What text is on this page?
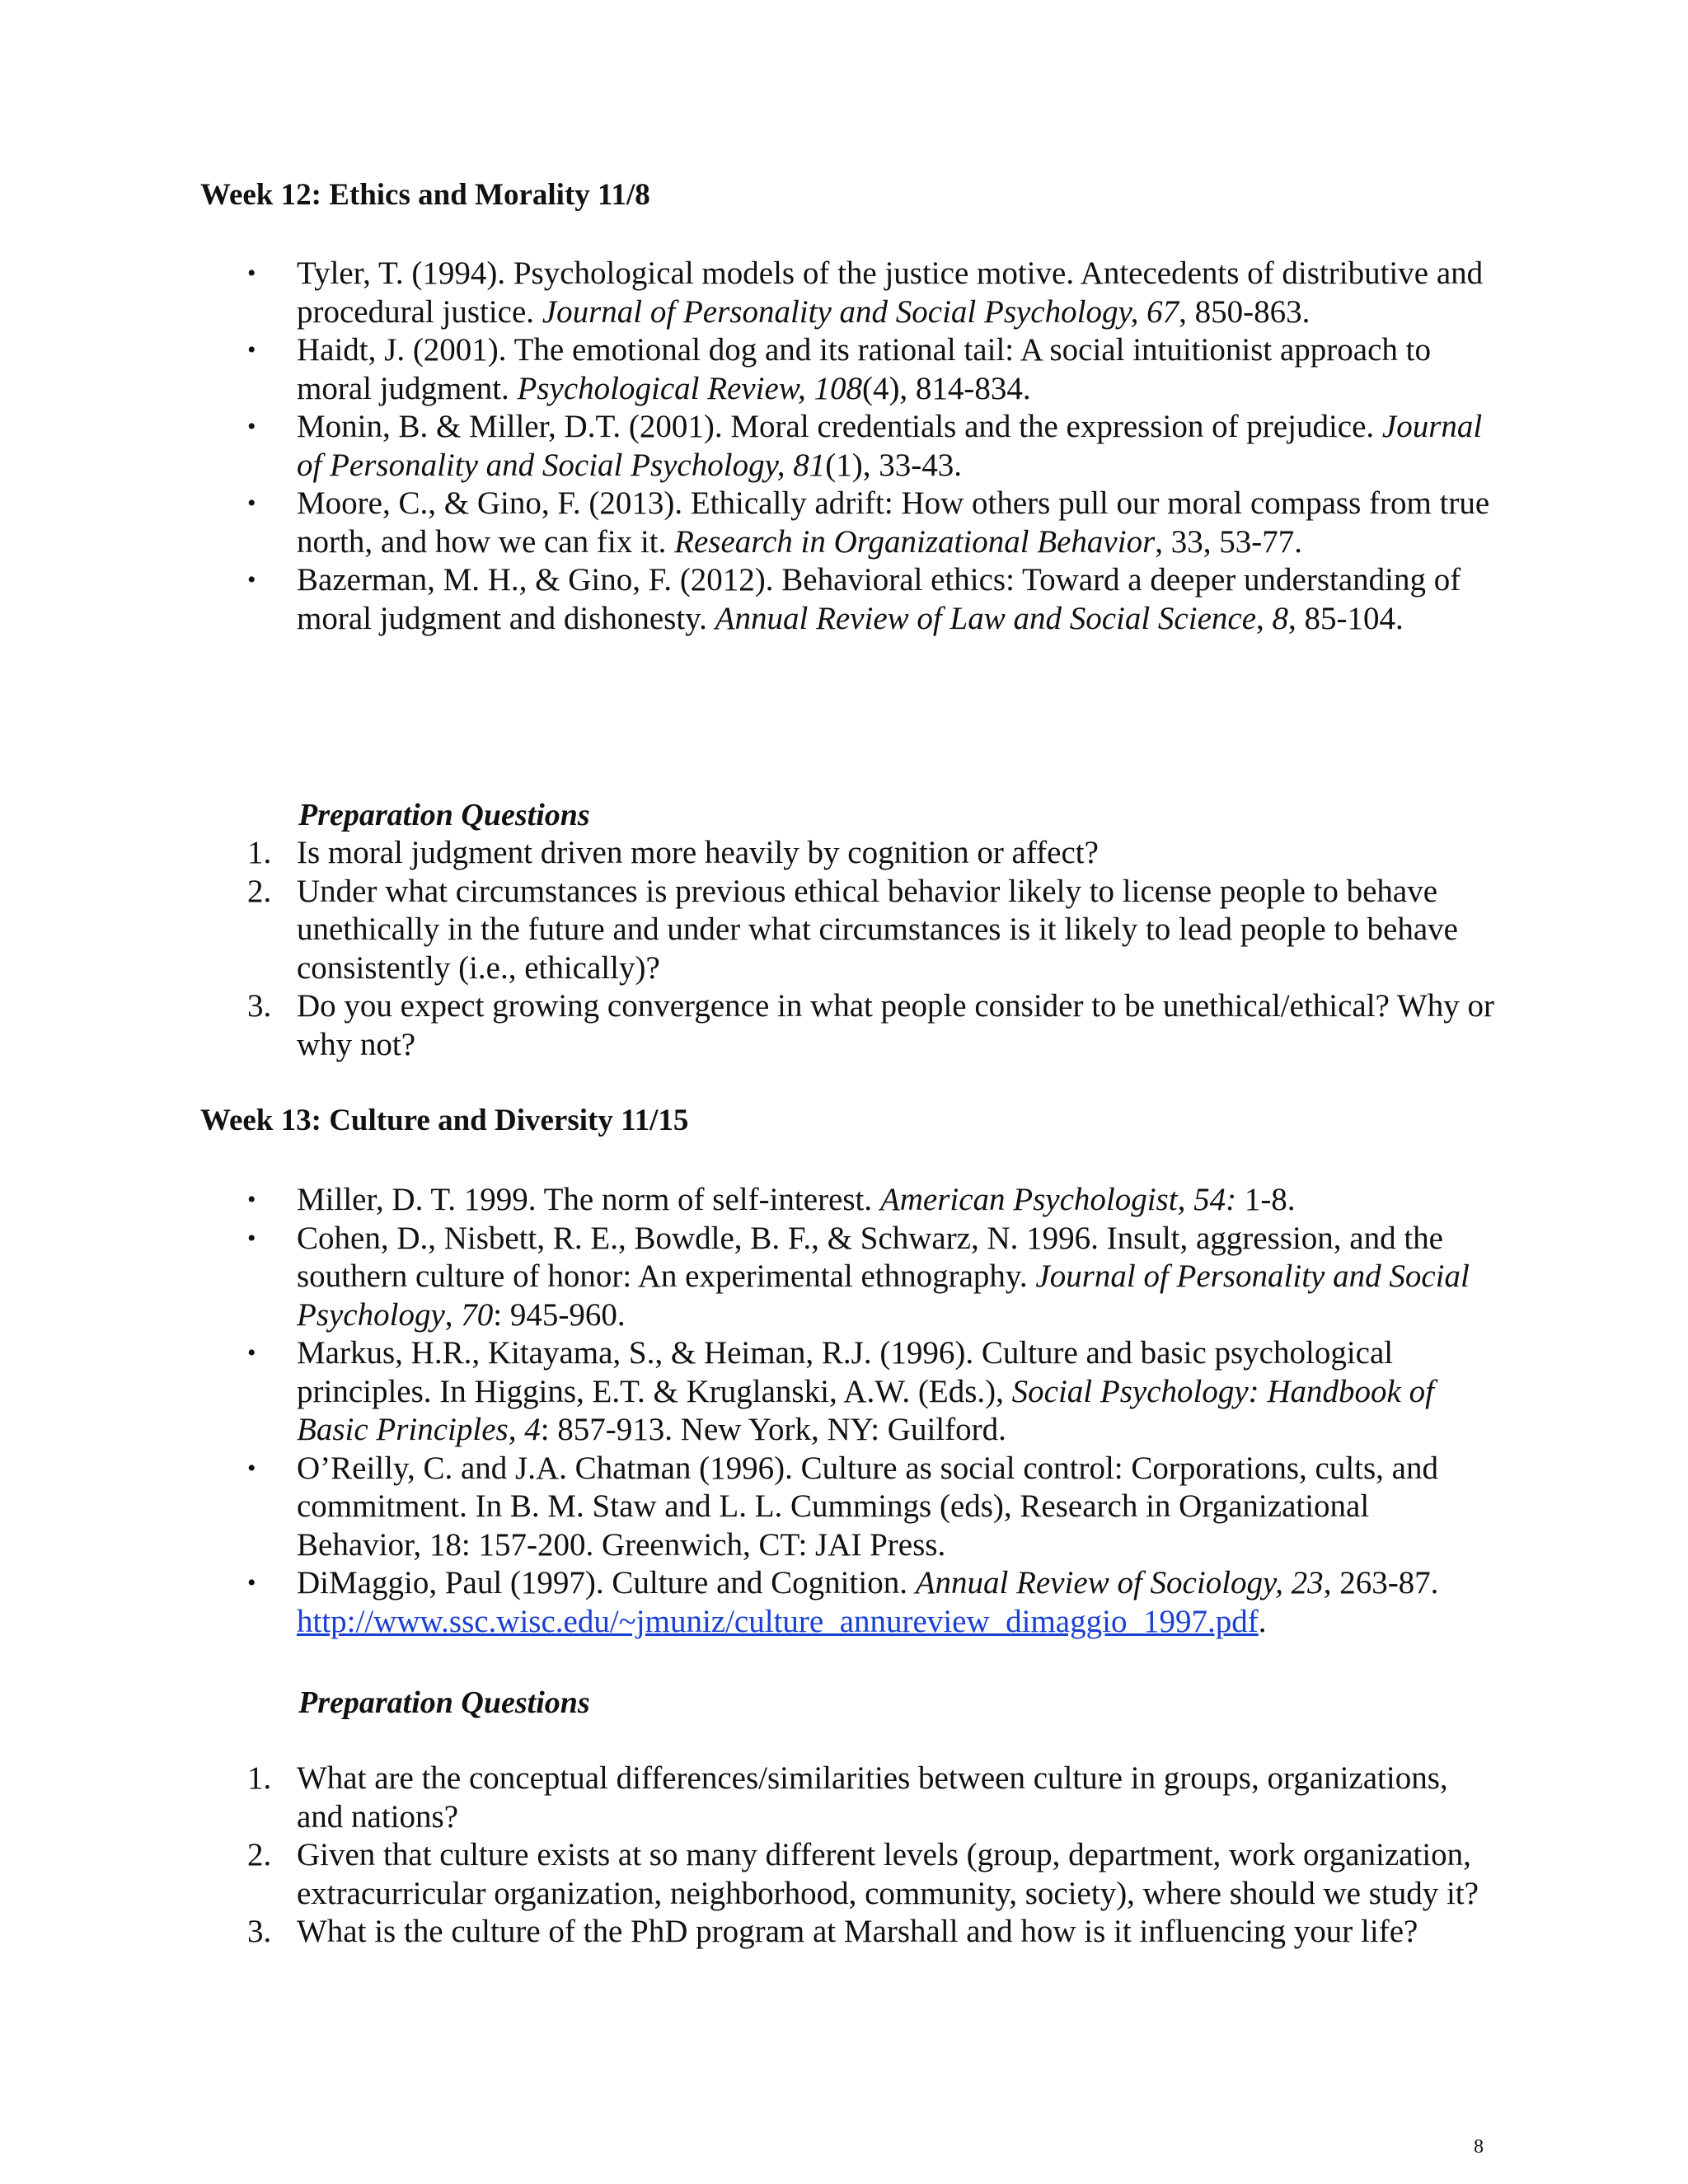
Week 12: Ethics and Morality 11/8
• Tyler, T. (1994). Psychological models of the justice motive. Antecedents of distributive and procedural justice. Journal of Personality and Social Psychology, 67, 850-863.
• Haidt, J. (2001). The emotional dog and its rational tail: A social intuitionist approach to moral judgment. Psychological Review, 108(4), 814-834.
• Monin, B. & Miller, D.T. (2001). Moral credentials and the expression of prejudice. Journal of Personality and Social Psychology, 81(1), 33-43.
• Moore, C., & Gino, F. (2013). Ethically adrift: How others pull our moral compass from true north, and how we can fix it. Research in Organizational Behavior, 33, 53-77.
• Bazerman, M. H., & Gino, F. (2012). Behavioral ethics: Toward a deeper understanding of moral judgment and dishonesty. Annual Review of Law and Social Science, 8, 85-104.
Preparation Questions
1. Is moral judgment driven more heavily by cognition or affect?
2. Under what circumstances is previous ethical behavior likely to license people to behave unethically in the future and under what circumstances is it likely to lead people to behave consistently (i.e., ethically)?
3. Do you expect growing convergence in what people consider to be unethical/ethical? Why or why not?
Week 13: Culture and Diversity 11/15
• Miller, D. T. 1999. The norm of self-interest. American Psychologist, 54: 1-8.
• Cohen, D., Nisbett, R. E., Bowdle, B. F., & Schwarz, N. 1996. Insult, aggression, and the southern culture of honor: An experimental ethnography. Journal of Personality and Social Psychology, 70: 945-960.
• Markus, H.R., Kitayama, S., & Heiman, R.J. (1996). Culture and basic psychological principles. In Higgins, E.T. & Kruglanski, A.W. (Eds.), Social Psychology: Handbook of Basic Principles, 4: 857-913. New York, NY: Guilford.
• O’Reilly, C. and J.A. Chatman (1996). Culture as social control: Corporations, cults, and commitment. In B. M. Staw and L. L. Cummings (eds), Research in Organizational Behavior, 18: 157-200. Greenwich, CT: JAI Press.
• DiMaggio, Paul (1997). Culture and Cognition. Annual Review of Sociology, 23, 263-87. http://www.ssc.wisc.edu/~jmuniz/culture_annureview_dimaggio_1997.pdf.
Preparation Questions
1. What are the conceptual differences/similarities between culture in groups, organizations, and nations?
2. Given that culture exists at so many different levels (group, department, work organization, extracurricular organization, neighborhood, community, society), where should we study it?
3. What is the culture of the PhD program at Marshall and how is it influencing your life?
8
